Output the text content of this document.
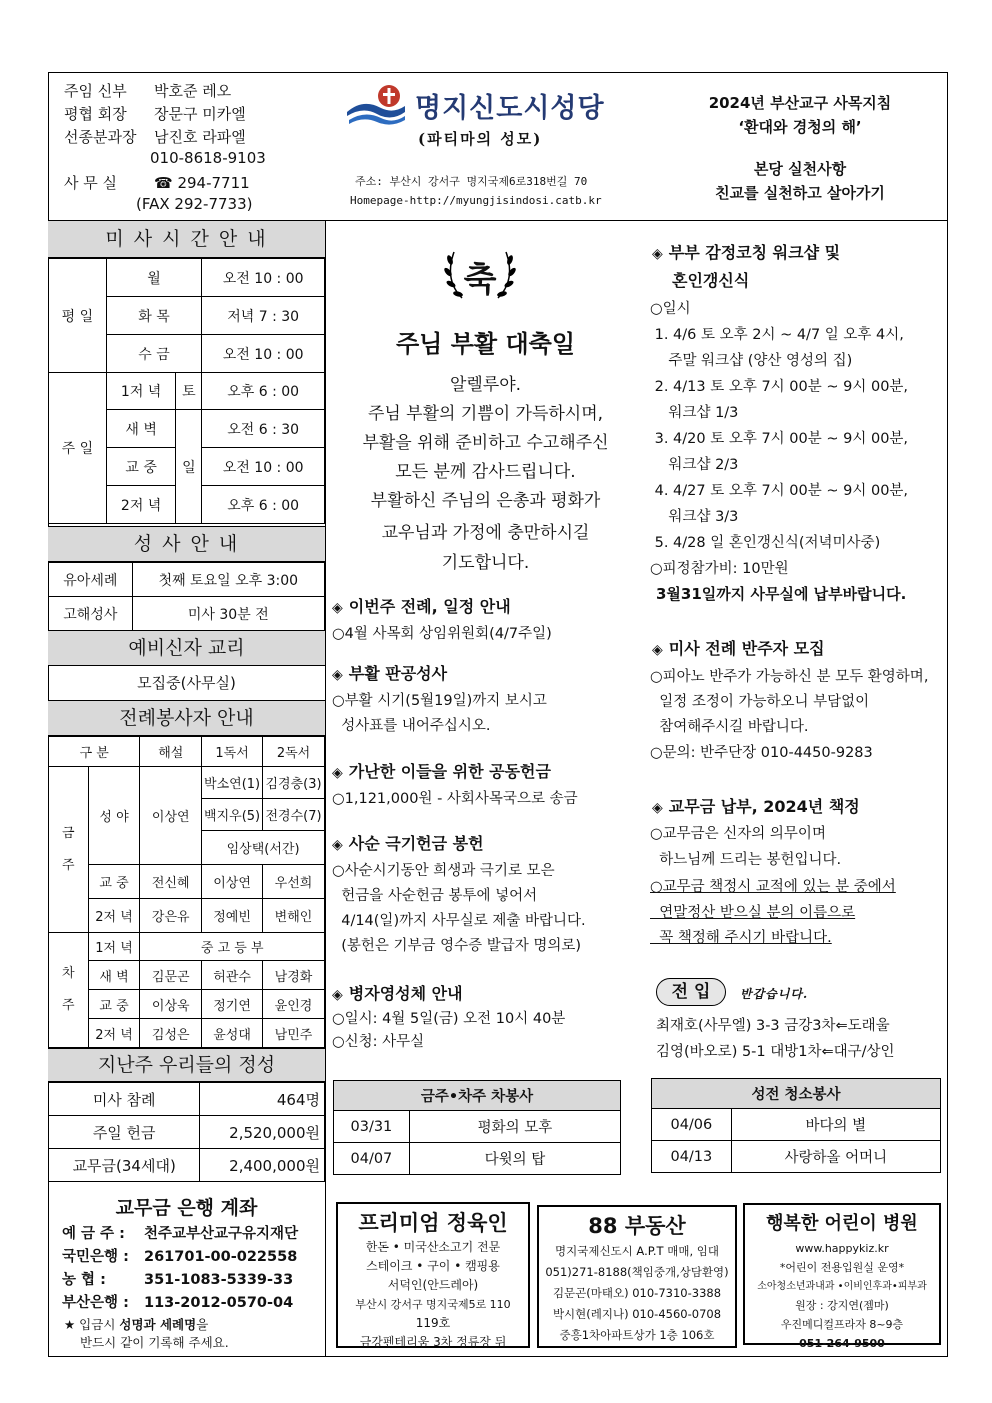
주임 신부 박호준 레오
평협 회장 장문구 미카엘
선종분과장 남진호 라파엘
010-8618-9103
사 무 실 ☎ 294-7711
(FAX 292-7733)
명지신도시성당
(파티마의 성모)
주소: 부산시 강서구 명지국제6로318번길 70
Homepage-http://myungjisindosi.catb.kr
2024년 부산교구 사목지침
‘환대와 경청의 해’
본당 실천사항
친교를 실천하고 살아가기
미 사 시 간 안 내
평 일	월		오전 10 : 00
	화 목		저녁 7 : 30
	수 금		오전 10 : 00
주 일	1저 녁	토	오후 6 : 00
	새 벽	일	오전 6 : 30
	교 중		오전 10 : 00
	2저 녁		오후 6 : 00
성 사 안 내
유아세례	첫째 토요일 오후 3:00
고해성사	미사 30분 전
예비신자 교리
모집중(사무실)
전례봉사자 안내
구 분		해설	1독서	2독서
금

주	성 야	이상연	박소연(1)	김경충(3)
			백지우(5)	전경수(7)
			임상택(서간)	
	교 중	전신혜	이상연	우선희
	2저 녁	강은유	정예빈	변해인
차

주	1저 녁	중 고 등 부		
	새 벽	김문곤	허관수	남경화
	교 중	이상욱	정기연	윤인경
	2저 녁	김성은	윤성대	남민주
지난주 우리들의 정성
미사 참례	464명
주일 헌금	2,520,000원
교무금(34세대)	2,400,000원
교무금 은행 계좌
예 금 주 : 천주교부산교구유지재단
국민은행 : 261701-00-022558
농 협 :	351-1083-5339-33
부산은행 : 113-2012-0570-04
★ 입금시 성명과 세례명을
반드시 같이 기록해 주세요.
축
주님 부활 대축일
알렐루야.
주님 부활의 기쁨이 가득하시며,
부활을 위해 준비하고 수고해주신
모든 분께 감사드립니다.
부활하신 주님의 은총과 평화가
교우님과 가정에 충만하시길
기도합니다.
◈ 이번주 전례, 일정 안내
○4월 사목회 상임위원회(4/7주일)
◈ 부활 판공성사
○부활 시기(5월19일)까지 보시고
성사표를 내어주십시오.
◈ 가난한 이들을 위한 공동헌금
○1,121,000원 - 사회사목국으로 송금
◈ 사순 극기헌금 봉헌
○사순시기동안 희생과 극기로 모은
헌금을 사순헌금 봉투에 넣어서
4/14(일)까지 사무실로 제출 바랍니다.
(봉헌은 기부금 영수증 발급자 명의로)
◈ 병자영성체 안내
○일시: 4월 5일(금) 오전 10시 40분
○신청: 사무실
◈ 부부 감정코칭 워크샵 및
혼인갱신식
○일시
1. 4/6 토 오후 2시 ~ 4/7 일 오후 4시,
주말 워크샵 (양산 영성의 집)
2. 4/13 토 오후 7시 00분 ~ 9시 00분,
워크샵 1/3
3. 4/20 토 오후 7시 00분 ~ 9시 00분,
워크샵 2/3
4. 4/27 토 오후 7시 00분 ~ 9시 00분,
워크샵 3/3
5. 4/28 일 혼인갱신식(저녁미사중)
○피정참가비: 10만원
3월31일까지 사무실에 납부바랍니다.
◈ 미사 전례 반주자 모집
○피아노 반주가 가능하신 분 모두 환영하며,
일정 조정이 가능하오니 부담없이
참여해주시길 바랍니다.
○문의: 반주단장 010-4450-9283
◈ 교무금 납부, 2024년 책정
○교무금은 신자의 의무이며
하느님께 드리는 봉헌입니다.
○교무금 책정시 교적에 있는 분 중에서
연말정산 받으실 분의 이름으로
꼭 책정해 주시기 바랍니다.
전 입	반갑습니다.
최재호(사무엘) 3-3 금강3차⇐도래울
김영(바오로) 5-1 대방1차⇐대구/상인
금주•차주 차봉사	
03/31	평화의 모후
04/07	다윗의 탑
성전 청소봉사	
04/06	바다의 별
04/13	사랑하올 어머니
프리미엄 정육인
한돈 • 미국산소고기 전문
스테이크 • 구이 • 캠핑용
서덕인(안드레아)
부산시 강서구 명지국제5로 110
119호
금강펜테리움 3차 정류장 뒤
88 부동산
명지국제신도시 A.P.T 매매, 임대
051)271-8188(책임중개,상담환영)
김문곤(마태오) 010-7310-3388
박시현(레지나) 010-4560-0708
중흥1차아파트상가 1층 106호
행복한 어린이 병원
www.happykiz.kr
*어린이 전용입원실 운영*
소아청소년과내과 •이비인후과•피부과
원장 : 강지연(젬마)
우진메디컬프라자 8~9층
051-264-9500
